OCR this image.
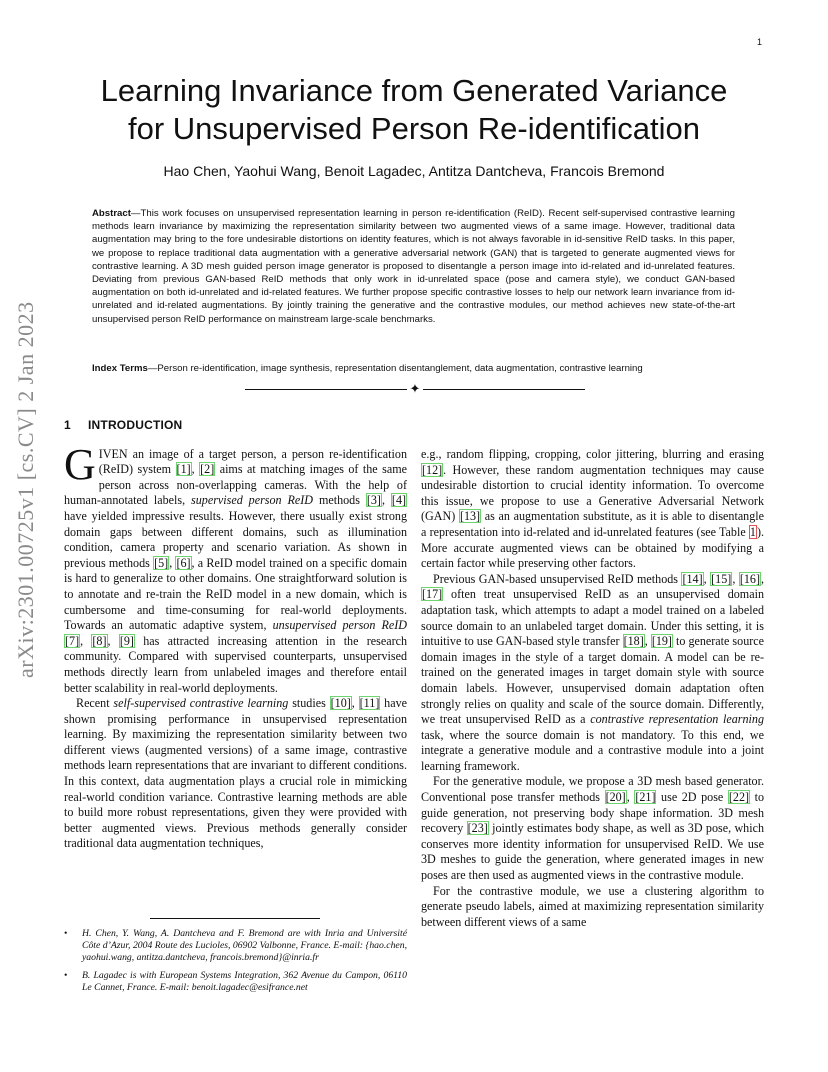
1
arXiv:2301.00725v1 [cs.CV] 2 Jan 2023
Learning Invariance from Generated Variance
for Unsupervised Person Re-identification
Hao Chen, Yaohui Wang, Benoit Lagadec, Antitza Dantcheva, Francois Bremond

Abstract—This work focuses on unsupervised representation learning in person re-identification (ReID). Recent self-supervised contrastive learning methods learn invariance by maximizing the representation similarity between two augmented views of a same image. However, traditional data augmentation may bring to the fore undesirable distortions on identity features, which is not always favorable in id-sensitive ReID tasks. In this paper, we propose to replace traditional data augmentation with a generative adversarial network (GAN) that is targeted to generate augmented views for contrastive learning. A 3D mesh guided person image generator is proposed to disentangle a person image into id-related and id-unrelated features. Deviating from previous GAN-based ReID methods that only work in id-unrelated space (pose and camera style), we conduct GAN-based augmentation on both id-unrelated and id-related features. We further propose specific contrastive losses to help our network learn invariance from id-unrelated and id-related augmentations. By jointly training the generative and the contrastive modules, our method achieves new state-of-the-art unsupervised person ReID performance on mainstream large-scale benchmarks.

Index Terms—Person re-identification, image synthesis, representation disentanglement, data augmentation, contrastive learning
✦
1 INTRODUCTION

GIVEN an image of a target person, a person re-identification (ReID) system [1], [2] aims at matching images of the same person across non-overlapping cameras. With the help of human-annotated labels, supervised person ReID methods [3], [4] have yielded impressive results. However, there usually exist strong domain gaps between different domains, such as illumination condition, camera property and scenario variation. As shown in previous methods [5], [6], a ReID model trained on a specific domain is hard to generalize to other domains. One straightforward solution is to annotate and re-train the ReID model in a new domain, which is cumbersome and time-consuming for real-world deployments. Towards an automatic adaptive system, unsupervised person ReID [7], [8], [9] has attracted increasing attention in the research community. Compared with supervised counterparts, unsupervised methods directly learn from unlabeled images and therefore entail better scalability in real-world deployments.

Recent self-supervised contrastive learning studies [10], [11] have shown promising performance in unsupervised representation learning. By maximizing the representation similarity between two different views (augmented versions) of a same image, contrastive methods learn representations that are invariant to different conditions. In this context, data augmentation plays a crucial role in mimicking real-world condition variance. Contrastive learning methods are able to build more robust representations, given they were provided with better augmented views. Previous methods generally consider traditional data augmentation techniques,

• H. Chen, Y. Wang, A. Dantcheva and F. Bremond are with Inria and Université Côte d’Azur, 2004 Route des Lucioles, 06902 Valbonne, France. E-mail: {hao.chen, yaohui.wang, antitza.dantcheva, francois.bremond}@inria.fr
• B. Lagadec is with European Systems Integration, 362 Avenue du Campon, 06110 Le Cannet, France. E-mail: benoit.lagadec@esifrance.net

e.g., random flipping, cropping, color jittering, blurring and erasing [12]. However, these random augmentation techniques may cause undesirable distortion to crucial identity information. To overcome this issue, we propose to use a Generative Adversarial Network (GAN) [13] as an augmentation substitute, as it is able to disentangle a representation into id-related and id-unrelated features (see Table 1). More accurate augmented views can be obtained by modifying a certain factor while preserving other factors.

Previous GAN-based unsupervised ReID methods [14], [15], [16], [17] often treat unsupervised ReID as an unsupervised domain adaptation task, which attempts to adapt a model trained on a labeled source domain to an unlabeled target domain. Under this setting, it is intuitive to use GAN-based style transfer [18], [19] to generate source domain images in the style of a target domain. A model can be re-trained on the generated images in target domain style with source domain labels. However, unsupervised domain adaptation often strongly relies on quality and scale of the source domain. Differently, we treat unsupervised ReID as a contrastive representation learning task, where the source domain is not mandatory. To this end, we integrate a generative module and a contrastive module into a joint learning framework.

For the generative module, we propose a 3D mesh based generator. Conventional pose transfer methods [20], [21] use 2D pose [22] to guide generation, not preserving body shape information. 3D mesh recovery [23] jointly estimates body shape, as well as 3D pose, which conserves more identity information for unsupervised ReID. We use 3D meshes to guide the generation, where generated images in new poses are then used as augmented views in the contrastive module.

For the contrastive module, we use a clustering algorithm to generate pseudo labels, aimed at maximizing representation similarity between different views of a same
